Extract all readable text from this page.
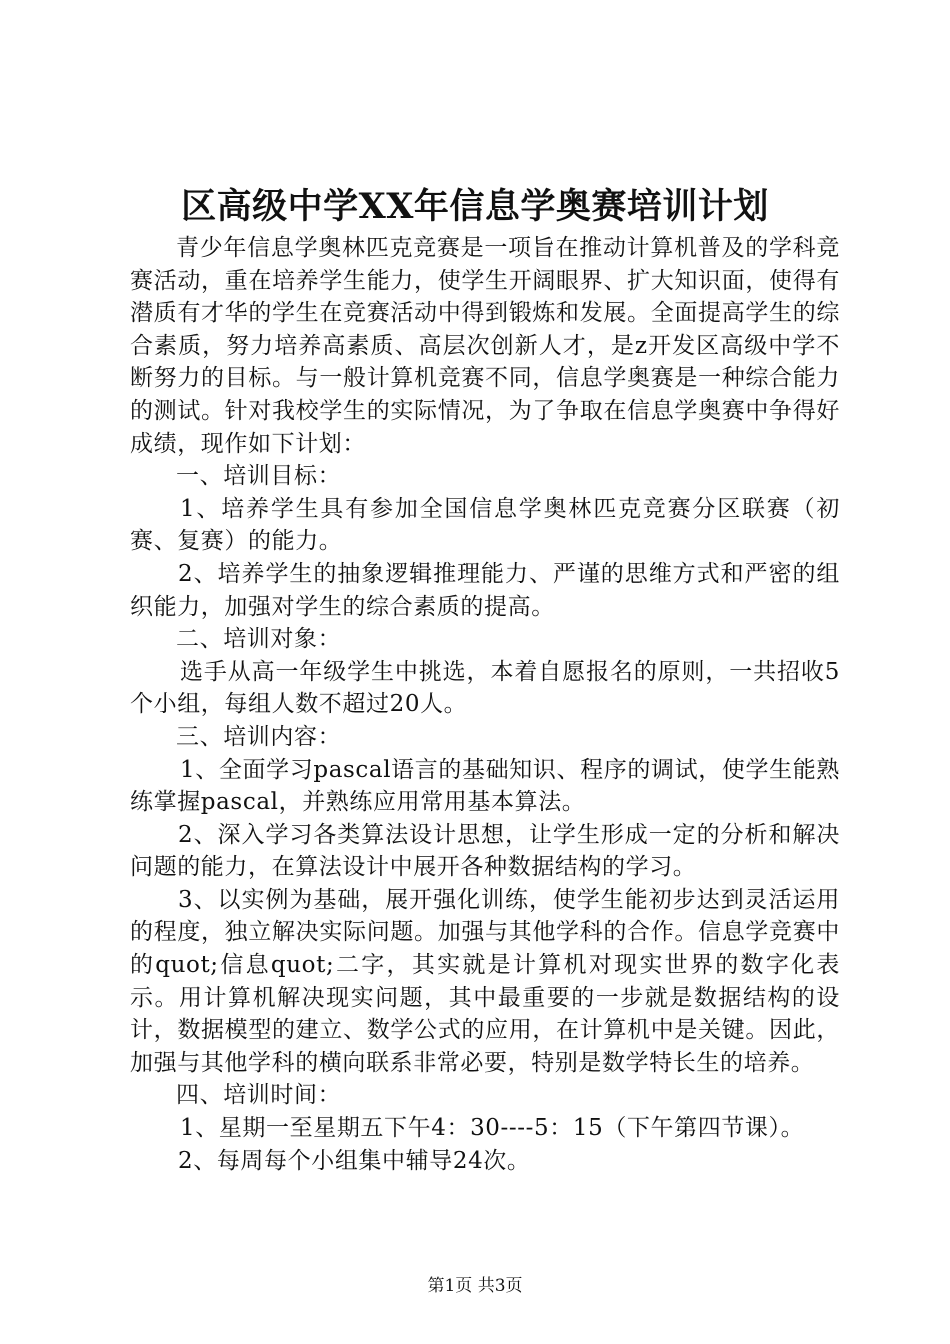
区高级中学XX年信息学奥赛培训计划

青少年信息学奥林匹克竞赛是一项旨在推动计算机普及的学科竞赛活动，重在培养学生能力，使学生开阔眼界、扩大知识面，使得有潜质有才华的学生在竞赛活动中得到锻炼和发展。全面提高学生的综合素质，努力培养高素质、高层次创新人才，是z开发区高级中学不断努力的目标。与一般计算机竞赛不同，信息学奥赛是一种综合能力的测试。针对我校学生的实际情况，为了争取在信息学奥赛中争得好成绩，现作如下计划：

一、培训目标：

1、培养学生具有参加全国信息学奥林匹克竞赛分区联赛（初赛、复赛）的能力。

2、培养学生的抽象逻辑推理能力、严谨的思维方式和严密的组织能力，加强对学生的综合素质的提高。

二、培训对象：

选手从高一年级学生中挑选，本着自愿报名的原则，一共招收5个小组，每组人数不超过20人。

三、培训内容：

1、全面学习pascal语言的基础知识、程序的调试，使学生能熟练掌握pascal，并熟练应用常用基本算法。

2、深入学习各类算法设计思想，让学生形成一定的分析和解决问题的能力，在算法设计中展开各种数据结构的学习。

3、以实例为基础，展开强化训练，使学生能初步达到灵活运用的程度，独立解决实际问题。加强与其他学科的合作。信息学竞赛中的quot;信息quot;二字，其实就是计算机对现实世界的数字化表示。用计算机解决现实问题，其中最重要的一步就是数据结构的设计，数据模型的建立、数学公式的应用，在计算机中是关键。因此，加强与其他学科的横向联系非常必要，特别是数学特长生的培养。

四、培训时间：

1、星期一至星期五下午4：30----5：15（下午第四节课）。

2、每周每个小组集中辅导24次。

第1页 共3页
